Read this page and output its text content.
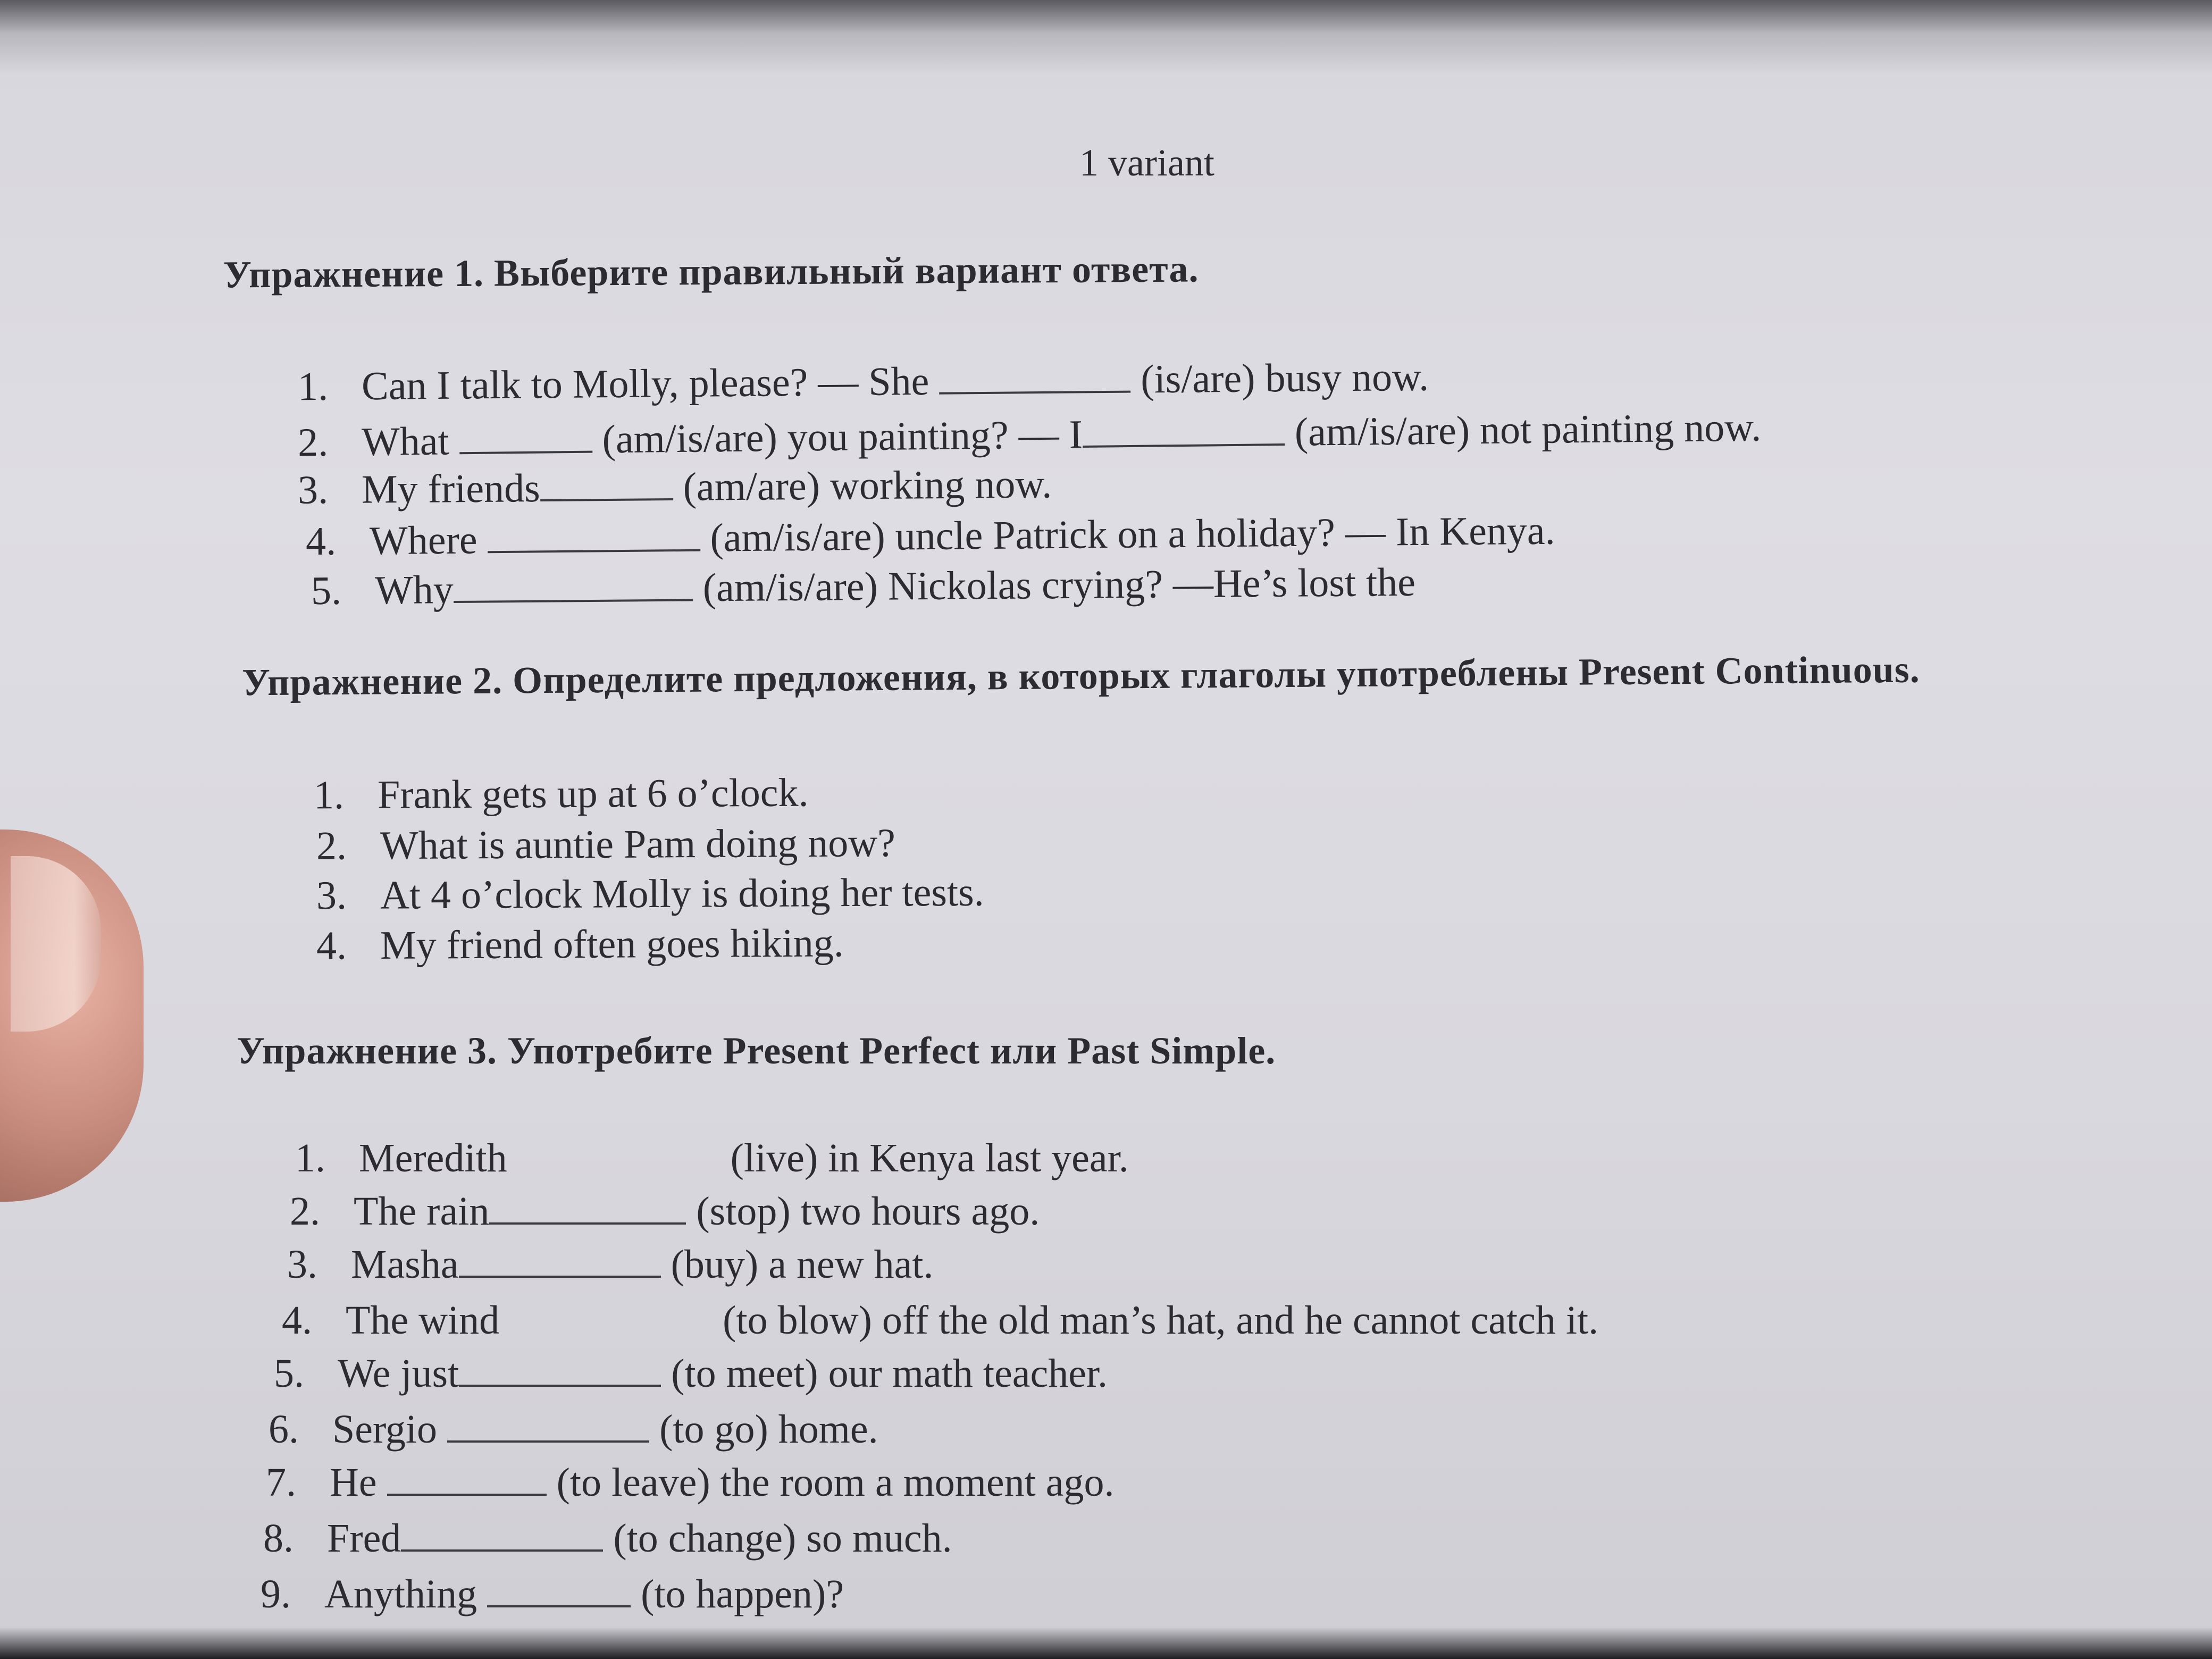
1 variant
Упражнение 1. Выберите правильный вариант ответа.
1. Can I talk to Molly, please? — She	(is/are) busy now.
2. What	(am/is/are) you painting? — I	(am/is/are) not painting now.
3. My friends	(am/are) working now.
4. Where	(am/is/are) uncle Patrick on a holiday? — In Kenya.
5. Why	(am/is/are) Nickolas crying? —He’s lost the
Упражнение 2. Определите предложения, в которых глаголы употреблены Present Continuous.
1. Frank gets up at 6 o’clock.
2. What is auntie Pam doing now?
3. At 4 o’clock Molly is doing her tests.
4. My friend often goes hiking.
Упражнение 3. Употребите Present Perfect или Past Simple.
1. Meredith	(live) in Kenya last year.
2. The rain	(stop) two hours ago.
3. Masha	(buy) a new hat.
4. The wind	(to blow) off the old man’s hat, and he cannot catch it.
5. We just	(to meet) our math teacher.
6. Sergio	(to go) home.
7. He	(to leave) the room a moment ago.
8. Fred	(to change) so much.
9. Anything	(to happen)?
